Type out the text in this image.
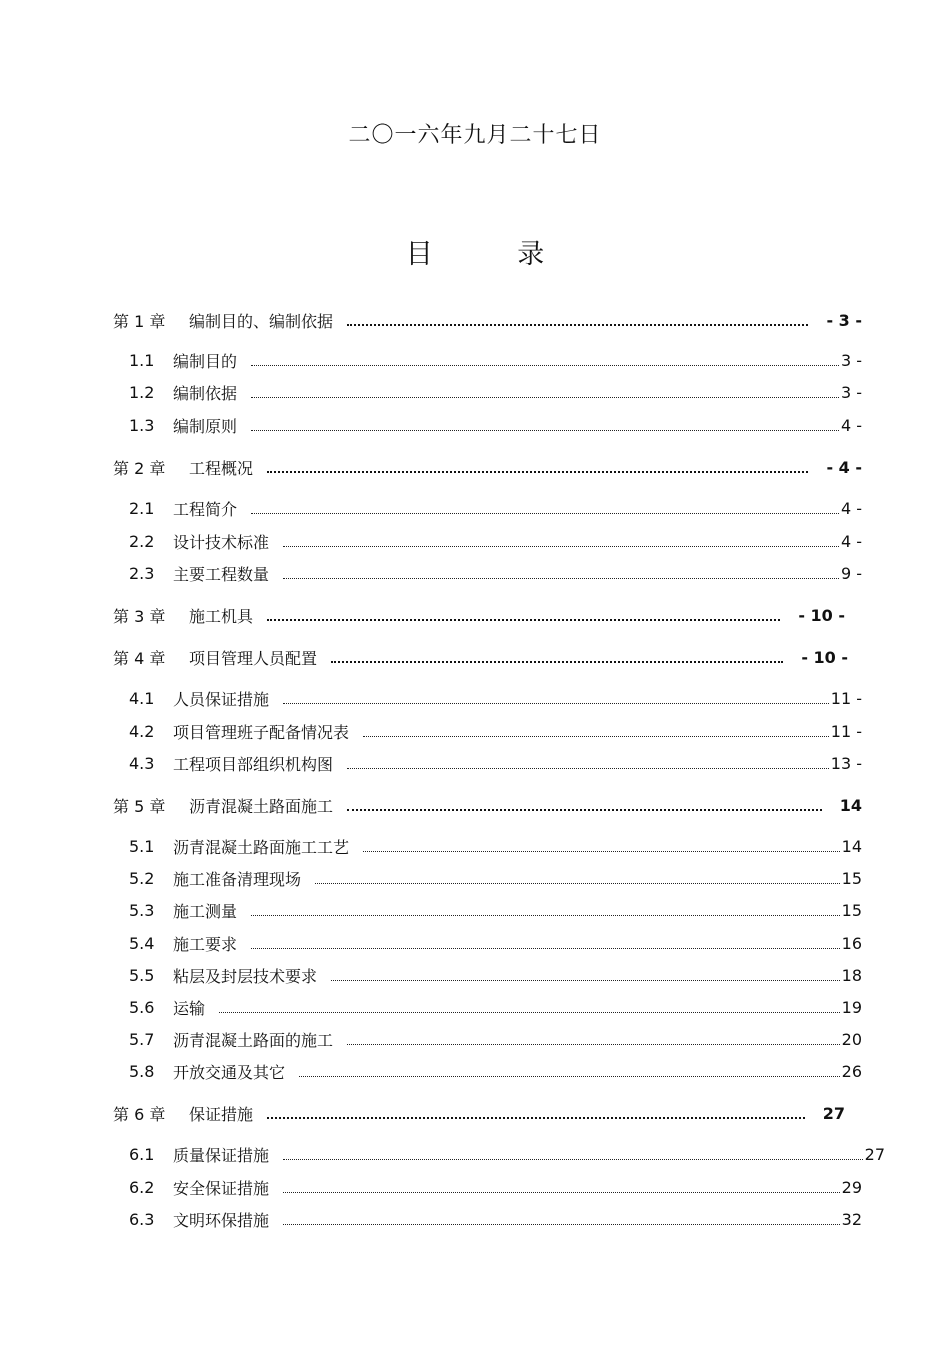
二〇一六年九月二十七日
目 录
第 1 章	编制目的、编制依据	- 3 -
1.1	编制目的	3 -
1.2	编制依据	3 -
1.3	编制原则	4 -
第 2 章	工程概况	- 4 -
2.1	工程简介	4 -
2.2	设计技术标准	4 -
2.3	主要工程数量	9 -
第 3 章	施工机具	- 10 -
第 4 章	项目管理人员配置	- 10 -
4.1	人员保证措施	11 -
4.2	项目管理班子配备情况表	11 -
4.3	工程项目部组织机构图	13 -
第 5 章	沥青混凝土路面施工	14
5.1	沥青混凝土路面施工工艺	14
5.2	施工准备清理现场	15
5.3	施工测量	15
5.4	施工要求	16
5.5	粘层及封层技术要求	18
5.6	运输	19
5.7	沥青混凝土路面的施工	20
5.8	开放交通及其它	26
第 6 章	保证措施	27
6.1	质量保证措施	27
6.2	安全保证措施	29
6.3	文明环保措施	32
